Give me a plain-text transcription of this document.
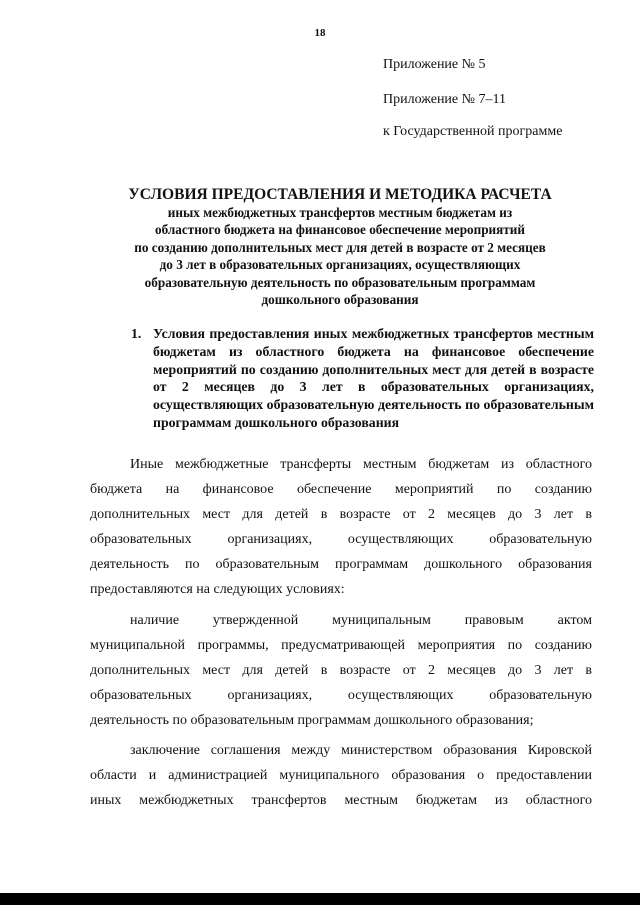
18
Приложение № 5
Приложение № 7–11
к Государственной программе
УСЛОВИЯ ПРЕДОСТАВЛЕНИЯ И МЕТОДИКА РАСЧЕТА
иных межбюджетных трансфертов местным бюджетам из
областного бюджета на финансовое обеспечение мероприятий
по созданию дополнительных мест для детей в возрасте от 2 месяцев
до 3 лет в образовательных организациях, осуществляющих
образовательную деятельность по образовательным программам
дошкольного образования
1. Условия предоставления иных межбюджетных трансфертов местным бюджетам из областного бюджета на финансовое обеспечение мероприятий по созданию дополнительных мест для детей в возрасте от 2 месяцев до 3 лет в образовательных организациях, осуществляющих образовательную деятельность по образовательным программам дошкольного образования
Иные межбюджетные трансферты местным бюджетам из областного
бюджета на финансовое обеспечение мероприятий по созданию
дополнительных мест для детей в возрасте от 2 месяцев до 3 лет в
образовательных организациях, осуществляющих образовательную
деятельность по образовательным программам дошкольного образования
предоставляются на следующих условиях:
наличие утвержденной муниципальным правовым актом
муниципальной программы, предусматривающей мероприятия по созданию
дополнительных мест для детей в возрасте от 2 месяцев до 3 лет в
образовательных организациях, осуществляющих образовательную
деятельность по образовательным программам дошкольного образования;
заключение соглашения между министерством образования Кировской
области и администрацией муниципального образования о предоставлении
иных межбюджетных трансфертов местным бюджетам из областного
